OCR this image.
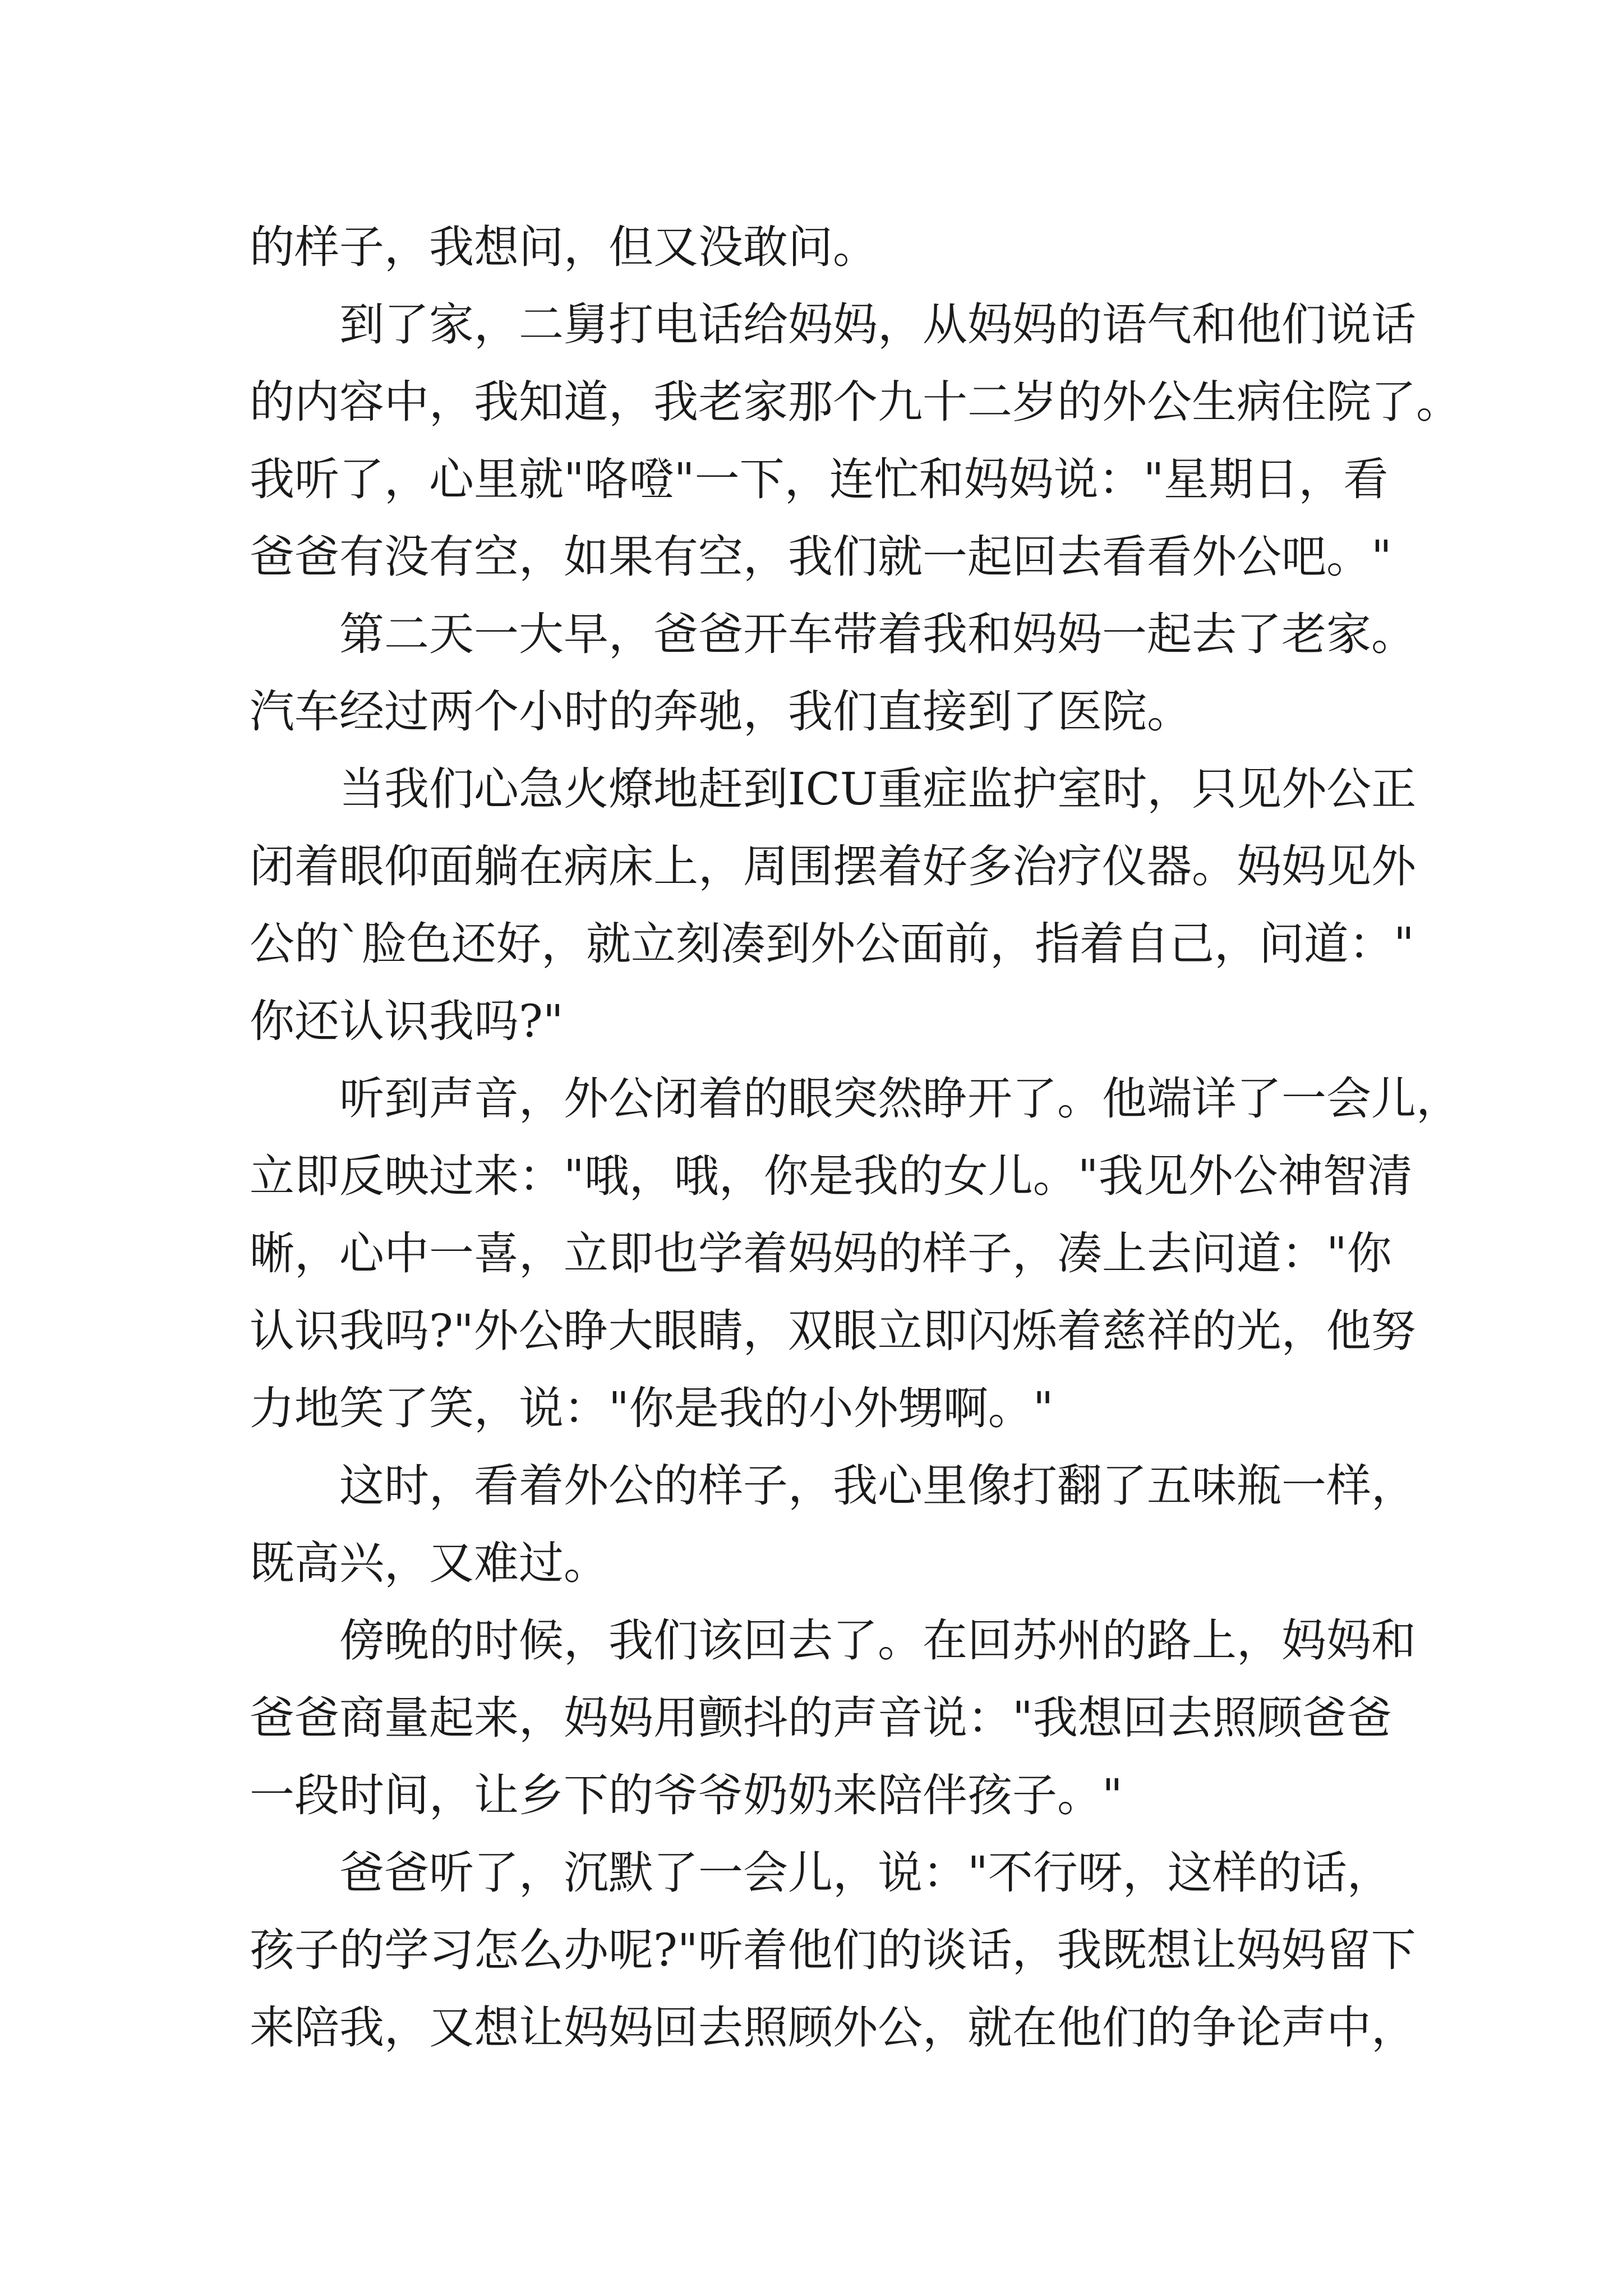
的样子，我想问，但又没敢问。
　　到了家，二舅打电话给妈妈，从妈妈的语气和他们说话
的内容中，我知道，我老家那个九十二岁的外公生病住院了。
我听了，心里就"咯噔"一下，连忙和妈妈说："星期日，看
爸爸有没有空，如果有空，我们就一起回去看看外公吧。"
　　第二天一大早，爸爸开车带着我和妈妈一起去了老家。
汽车经过两个小时的奔驰，我们直接到了医院。
　　当我们心急火燎地赶到ICU重症监护室时，只见外公正
闭着眼仰面躺在病床上，周围摆着好多治疗仪器。妈妈见外
公的`脸色还好，就立刻凑到外公面前，指着自己，问道："
你还认识我吗?"
　　听到声音，外公闭着的眼突然睁开了。他端详了一会儿，
立即反映过来："哦，哦，你是我的女儿。"我见外公神智清
晰，心中一喜，立即也学着妈妈的样子，凑上去问道："你
认识我吗?"外公睁大眼睛，双眼立即闪烁着慈祥的光，他努
力地笑了笑，说："你是我的小外甥啊。"
　　这时，看着外公的样子，我心里像打翻了五味瓶一样，
既高兴，又难过。
　　傍晚的时候，我们该回去了。在回苏州的路上，妈妈和
爸爸商量起来，妈妈用颤抖的声音说："我想回去照顾爸爸
一段时间，让乡下的爷爷奶奶来陪伴孩子。"
　　爸爸听了，沉默了一会儿，说："不行呀，这样的话，
孩子的学习怎么办呢?"听着他们的谈话，我既想让妈妈留下
来陪我，又想让妈妈回去照顾外公，就在他们的争论声中，
